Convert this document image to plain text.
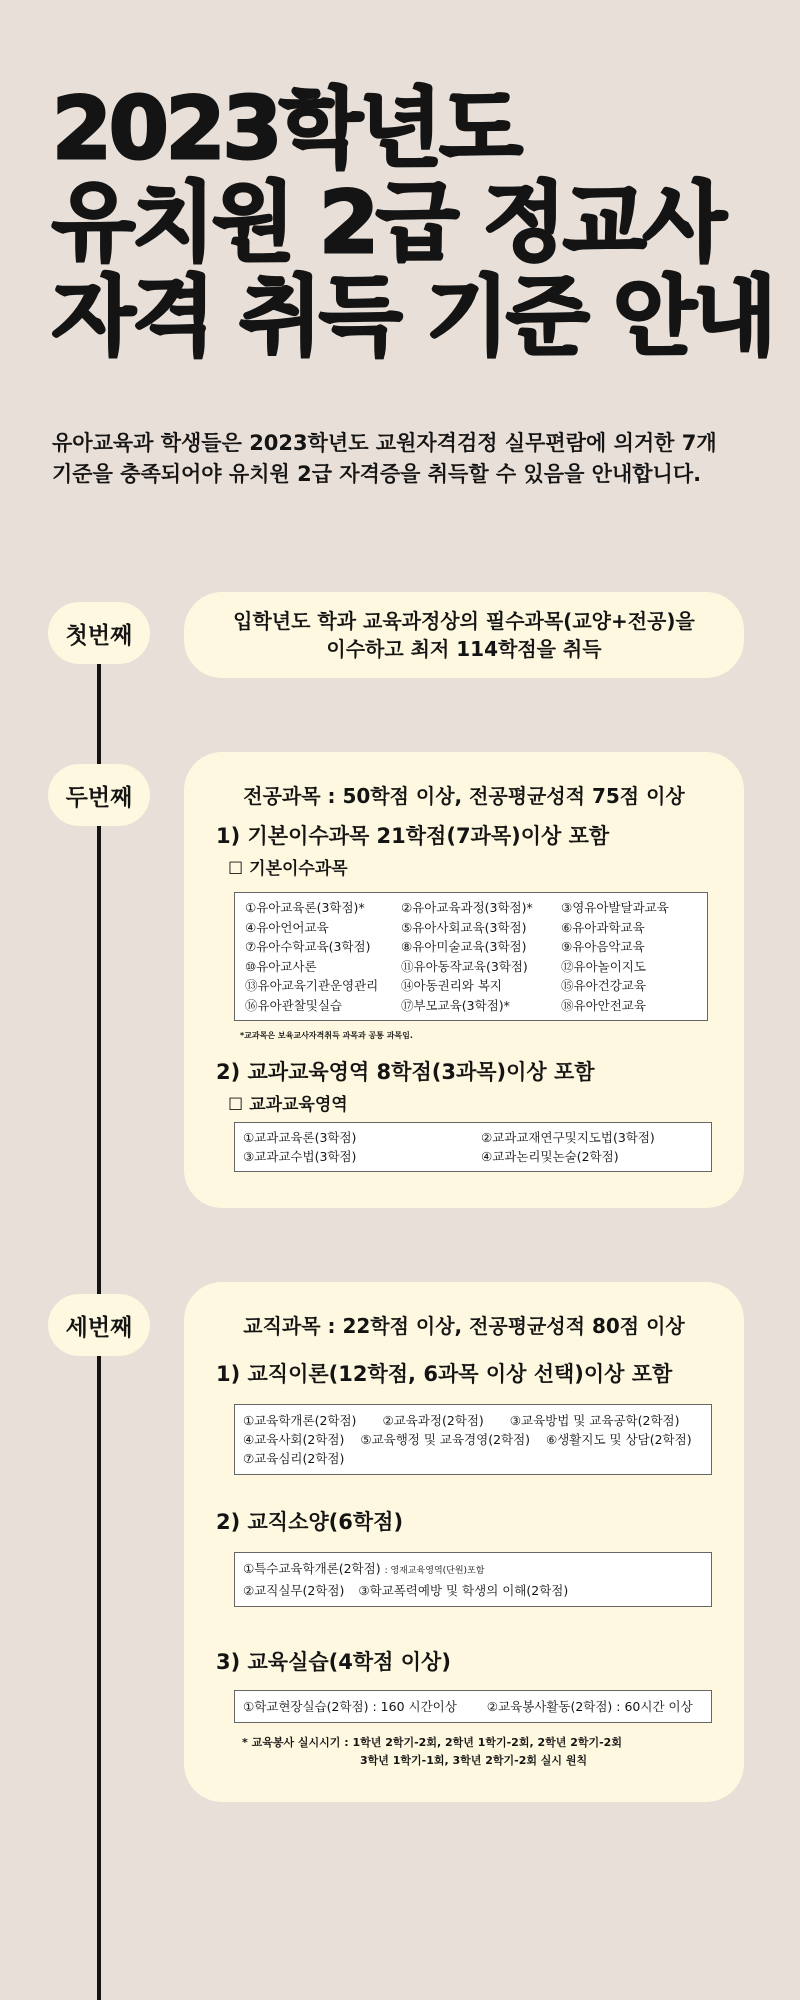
2023학년도
유치원 2급 정교사
자격 취득 기준 안내
유아교육과 학생들은 2023학년도 교원자격검정 실무편람에 의거한 7개
기준을 충족되어야 유치원 2급 자격증을 취득할 수 있음을 안내합니다.
첫번째
입학년도 학과 교육과정상의 필수과목(교양+전공)을
이수하고 최저 114학점을 취득
두번째	전공과목 : 50학점 이상, 전공평균성적 75점 이상
1) 기본이수과목 21학점(7과목)이상 포함
☐ 기본이수과목
①유아교육론(3학점)*	②유아교육과정(3학점)*	③영유아발달과교육
④유아언어교육	⑤유아사회교육(3학점)	⑥유아과학교육
⑦유아수학교육(3학점)	⑧유아미술교육(3학점)	⑨유아음악교육
⑩유아교사론	⑪유아동작교육(3학점)	⑫유아놀이지도
⑬유아교육기관운영관리	⑭아동권리와 복지	⑮유아건강교육
⑯유아관찰및실습	⑰부모교육(3학점)*	⑱유아안전교육
*교과목은 보육교사자격취득 과목과 공통 과목임.
2) 교과교육영역 8학점(3과목)이상 포함
☐ 교과교육영역
①교과교육론(3학점)	②교과교재연구및지도법(3학점)
③교과교수법(3학점)	④교과논리및논술(2학점)
세번째	교직과목 : 22학점 이상, 전공평균성적 80점 이상
1) 교직이론(12학점, 6과목 이상 선택)이상 포함
①교육학개론(2학점) ②교육과정(2학점) ③교육방법 및 교육공학(2학점)
④교육사회(2학점) ⑤교육행정 및 교육경영(2학점) ⑥생활지도 및 상담(2학점)
⑦교육심리(2학점)
2) 교직소양(6학점)
①특수교육학개론(2학점) : 영재교육영역(단원)포함
②교직실무(2학점) ③학교폭력예방 및 학생의 이해(2학점)
3) 교육실습(4학점 이상)
①학교현장실습(2학점) : 160 시간이상 ②교육봉사활동(2학점) : 60시간 이상
* 교육봉사 실시시기 : 1학년 2학기-2회, 2학년 1학기-2회, 2학년 2학기-2회
3학년 1학기-1회, 3학년 2학기-2회 실시 원칙
